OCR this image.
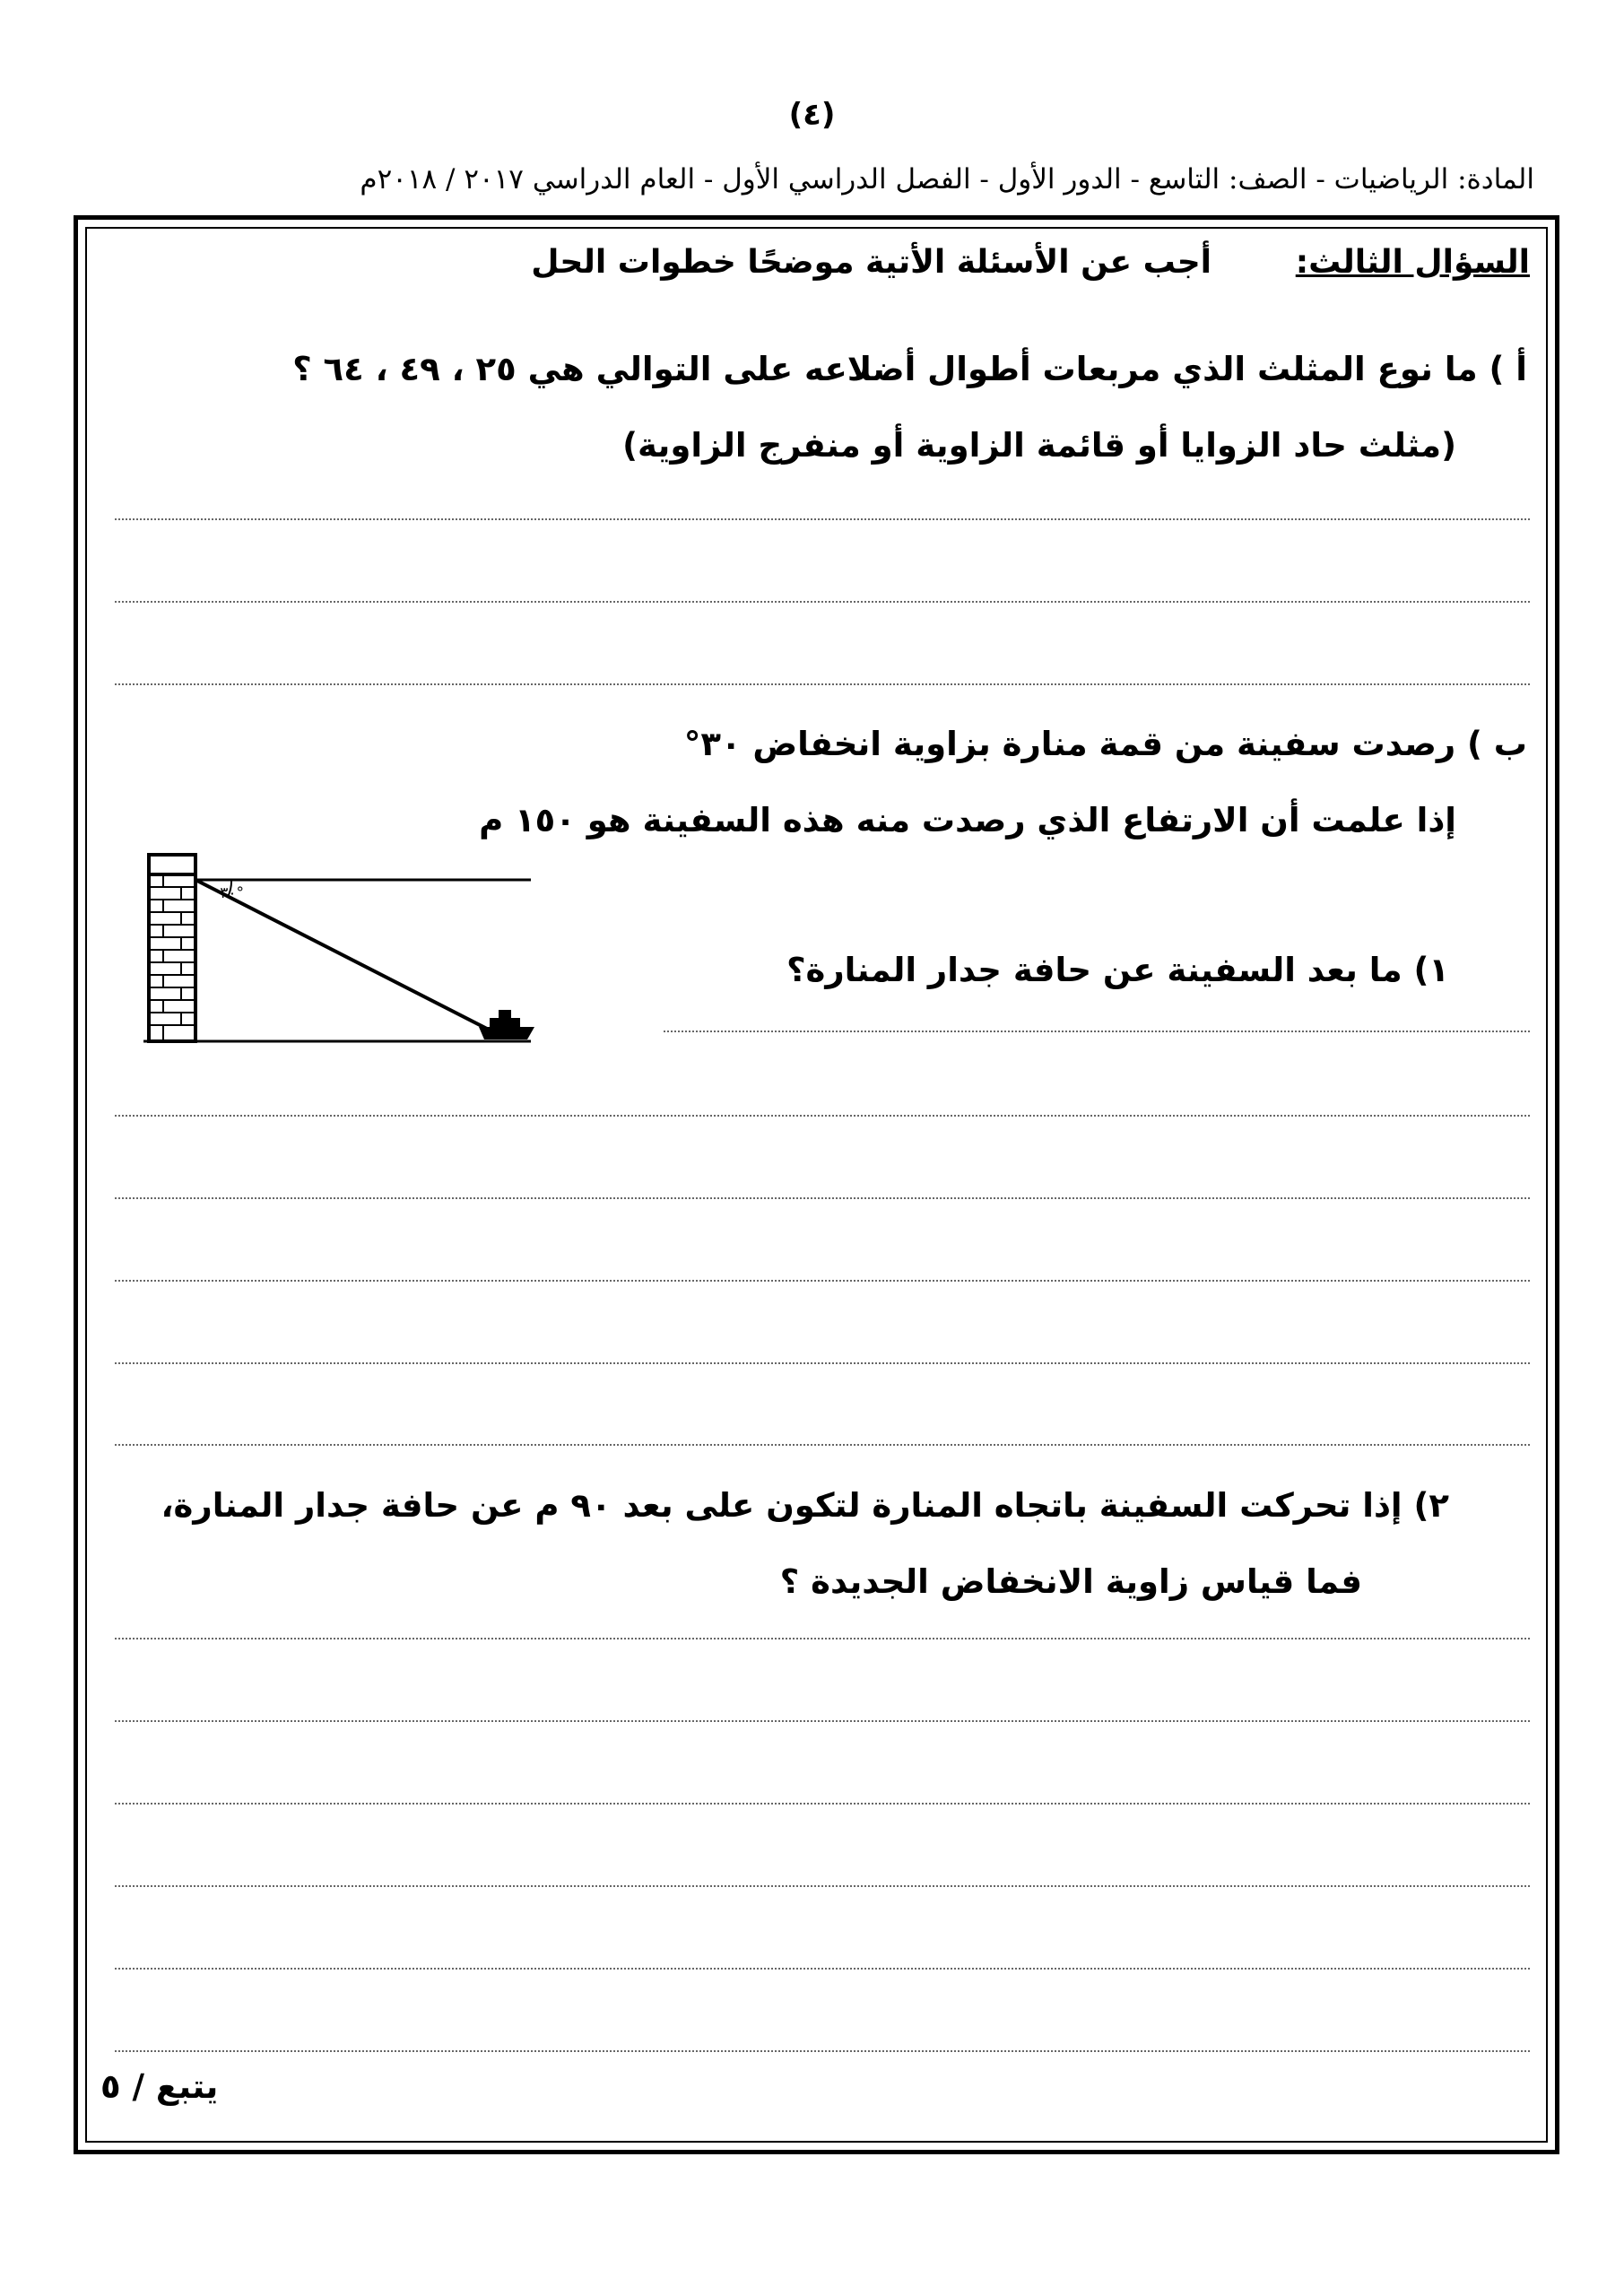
(٤)
المادة: الرياضيات - الصف: التاسع - الدور الأول - الفصل الدراسي الأول - العام الدراسي ٢٠١٧ / ٢٠١٨م
السؤال الثالث:
أجب عن الأسئلة الأتية موضحًا خطوات الحل
أ ) ما نوع المثلث الذي مربعات أطوال أضلاعه على التوالي هي ٢٥ ، ٤٩ ، ٦٤ ؟
(مثلث حاد الزوايا أو قائمة الزاوية أو منفرج الزاوية)
ب ) رصدت سفينة من قمة منارة بزاوية انخفاض ٣٠°
إذا علمت أن الارتفاع الذي رصدت منه هذه السفينة هو ١٥٠ م
°٣٠
١) ما بعد السفينة عن حافة جدار المنارة؟
٢) إذا تحركت السفينة باتجاه المنارة لتكون على بعد ٩٠ م عن حافة جدار المنارة،
فما قياس زاوية الانخفاض الجديدة ؟
يتبع / ٥
